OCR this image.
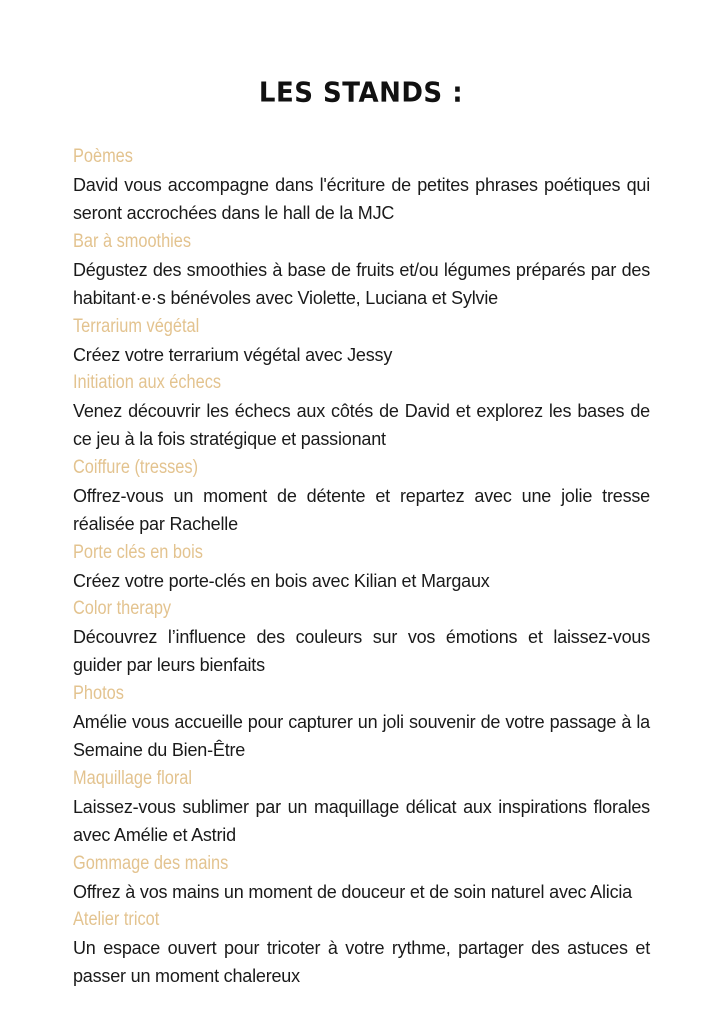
LES STANDS :
Poèmes
David vous accompagne dans l'écriture de petites phrases poétiques qui seront accrochées dans le hall de la MJC
Bar à smoothies
Dégustez des smoothies à base de fruits et/ou légumes préparés par des habitant·e·s bénévoles avec Violette, Luciana et Sylvie
Terrarium végétal
Créez votre terrarium végétal avec Jessy
Initiation aux échecs
Venez découvrir les échecs aux côtés de David et explorez les bases de ce jeu à la fois stratégique et passionant
Coiffure (tresses)
Offrez-vous un moment de détente et repartez avec une jolie tresse réalisée par Rachelle
Porte clés en bois
Créez votre porte-clés en bois avec Kilian et Margaux
Color therapy
Découvrez l’influence des couleurs sur vos émotions et laissez-vous guider par leurs bienfaits
Photos
Amélie vous accueille pour capturer un joli souvenir de votre passage à la Semaine du Bien-Être
Maquillage floral
Laissez-vous sublimer par un maquillage délicat aux inspirations florales avec Amélie et Astrid
Gommage des mains
Offrez à vos mains un moment de douceur et de soin naturel avec Alicia
Atelier tricot
Un espace ouvert pour tricoter à votre rythme, partager des astuces et passer un moment chalereux
